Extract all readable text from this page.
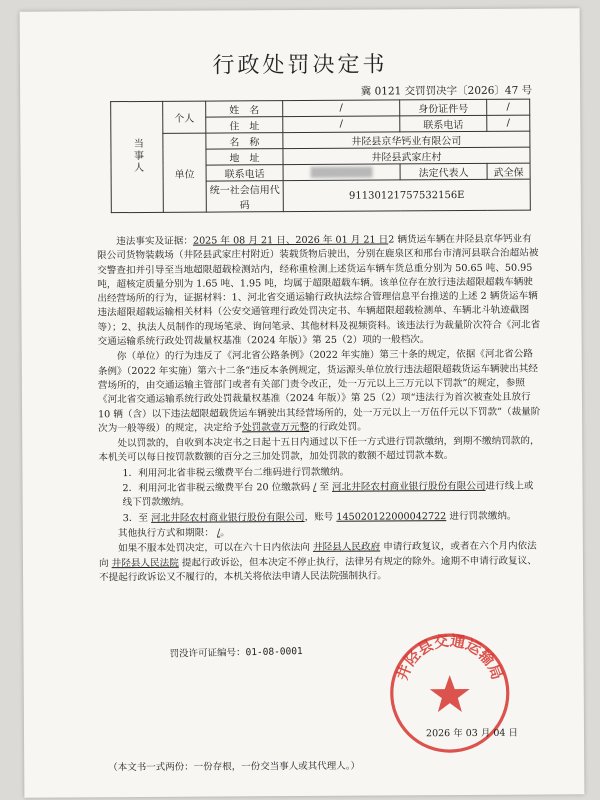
行政处罚决定书
冀 0121 交罚罚决字〔2026〕47 号
当事人	个人	姓　名	/	身份证件号	/
		住　址	/	联系电话	/
	单位	名　称	井陉县京华钙业有限公司		
		地　址	井陉县武家庄村		
		联系电话		法定代表人	武全保
		统一社会信用代码	91130121757532156E		

违法事实及证据：2025 年 08 月 21 日、2026 年 01 月 21 日2 辆货运车辆在井陉县京华钙业有限公司货物装载场（井陉县武家庄村附近）装载货物后驶出，分别在鹿泉区和邢台市清河县联合治超站被交警查扣并引导至当地超限超载检测站内，经称重检测上述货运车辆车货总重分别为 50.65 吨、50.95 吨，超核定质量分别为 1.65 吨、1.95 吨，均属于超限超载车辆。该单位存在放行违法超限超载车辆驶出经营场所的行为，证据材料：1、河北省交通运输行政执法综合管理信息平台推送的上述 2 辆货运车辆违法超限超载运输相关材料（公安交通管理行政处罚决定书、车辆超限超载检测单、车辆北斗轨迹截图等）；2、执法人员制作的现场笔录、询问笔录、其他材料及视频资料。该违法行为裁量阶次符合《河北省交通运输系统行政处罚裁量权基准（2024 年版）》第 25（2）项的一般档次。

你（单位）的行为违反了《河北省公路条例》（2022 年实施）第三十条的规定，依据《河北省公路条例》（2022 年实施）第六十二条“违反本条例规定，货运源头单位放行违法超限超载货运车辆驶出其经营场所的，由交通运输主管部门或者有关部门责令改正，处一万元以上三万元以下罚款”的规定，参照《河北省交通运输系统行政处罚裁量权基准（2024 年版）》第 25（2）项“违法行为首次被查处且放行 10 辆（含）以下违法超限超载货运车辆驶出其经营场所的，处一万元以上一万伍仟元以下罚款”（裁量阶次为一般等级）的规定，决定给予处罚款壹万元整的行政处罚。

处以罚款的，自收到本决定书之日起十五日内通过以下任一方式进行罚款缴纳，到期不缴纳罚款的，本机关可以每日按罚款数额的百分之三加处罚款，加处罚款的数额不超过罚款本数。

1．利用河北省非税云缴费平台二维码进行罚款缴纳。

2．利用河北省非税云缴费平台 20 位缴款码 / 至 河北井陉农村商业银行股份有限公司进行线上或线下罚款缴纳。

3．至 河北井陉农村商业银行股份有限公司，账号 145020122000042722 进行罚款缴纳。

其他执行方式和期限： /。

如果不服本处罚决定，可以在六十日内依法向 井陉县人民政府 申请行政复议，或者在六个月内依法向 井陉县人民法院 提起行政诉讼，但本决定不停止执行，法律另有规定的除外。逾期不申请行政复议、不提起行政诉讼又不履行的，本机关将依法申请人民法院强制执行。

罚没许可证编号：01-08-0001
井陉县交通运输局
2026 年 03 月 04 日
（本文书一式两份：一份存根，一份交当事人或其代理人。）
